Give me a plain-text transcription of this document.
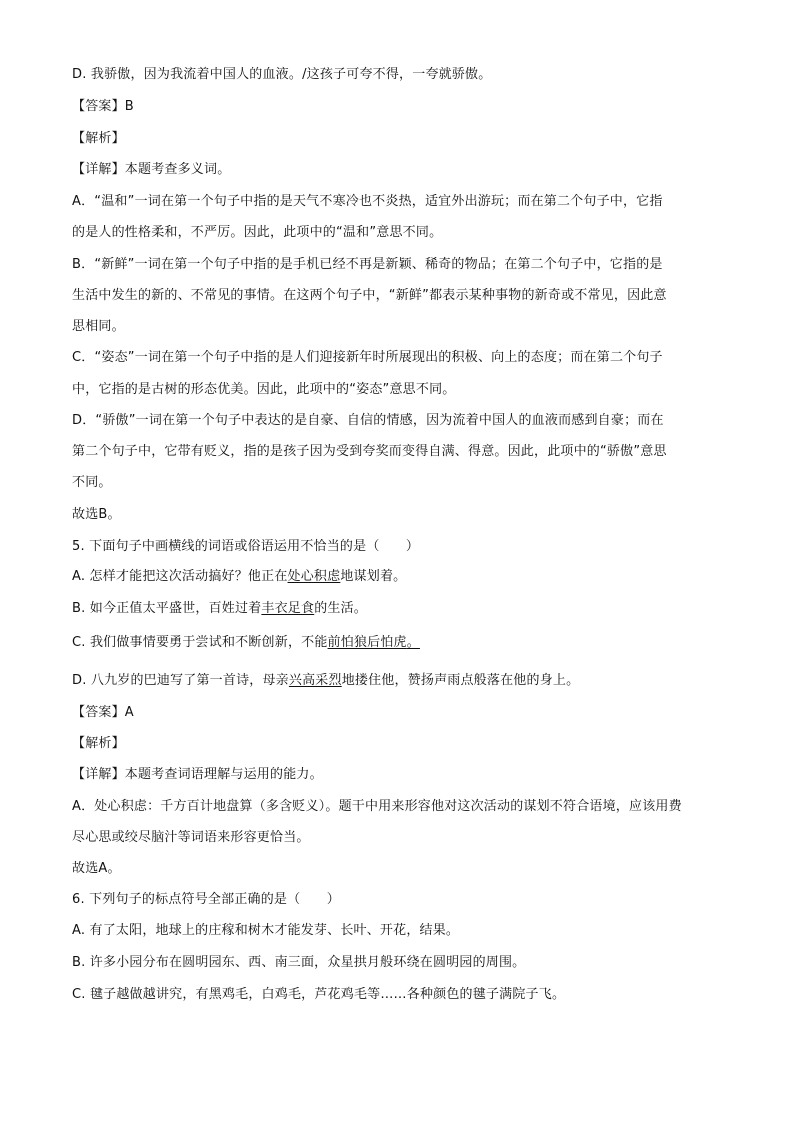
D. 我骄傲，因为我流着中国人的血液。/这孩子可夸不得，一夸就骄傲。
【答案】B
【解析】
【详解】本题考查多义词。
A．“温和”一词在第一个句子中指的是天气不寒冷也不炎热，适宜外出游玩；而在第二个句子中，它指
的是人的性格柔和，不严厉。因此，此项中的“温和”意思不同。
B．“新鲜”一词在第一个句子中指的是手机已经不再是新颖、稀奇的物品；在第二个句子中，它指的是
生活中发生的新的、不常见的事情。在这两个句子中，“新鲜”都表示某种事物的新奇或不常见，因此意
思相同。
C．“姿态”一词在第一个句子中指的是人们迎接新年时所展现出的积极、向上的态度；而在第二个句子
中，它指的是古树的形态优美。因此，此项中的“姿态”意思不同。
D．“骄傲”一词在第一个句子中表达的是自豪、自信的情感，因为流着中国人的血液而感到自豪；而在
第二个句子中，它带有贬义，指的是孩子因为受到夸奖而变得自满、得意。因此，此项中的“骄傲”意思
不同。
故选B。
5. 下面句子中画横线的词语或俗语运用不恰当的是（　　）
A. 怎样才能把这次活动搞好？他正在处心积虑地谋划着。
B. 如今正值太平盛世，百姓过着丰衣足食的生活。
C. 我们做事情要勇于尝试和不断创新，不能前怕狼后怕虎。
D. 八九岁的巴迪写了第一首诗，母亲兴高采烈地搂住他，赞扬声雨点般落在他的身上。
【答案】A
【解析】
【详解】本题考查词语理解与运用的能力。
A．处心积虑：千方百计地盘算（多含贬义）。题干中用来形容他对这次活动的谋划不符合语境，应该用费
尽心思或绞尽脑汁等词语来形容更恰当。
故选A。
6. 下列句子的标点符号全部正确的是（　　）
A. 有了太阳，地球上的庄稼和树木才能发芽、长叶、开花，结果。
B. 许多小园分布在圆明园东、西、南三面，众星拱月般环绕在圆明园的周围。
C. 毽子越做越讲究，有黑鸡毛，白鸡毛，芦花鸡毛等……各种颜色的毽子满院子飞。
